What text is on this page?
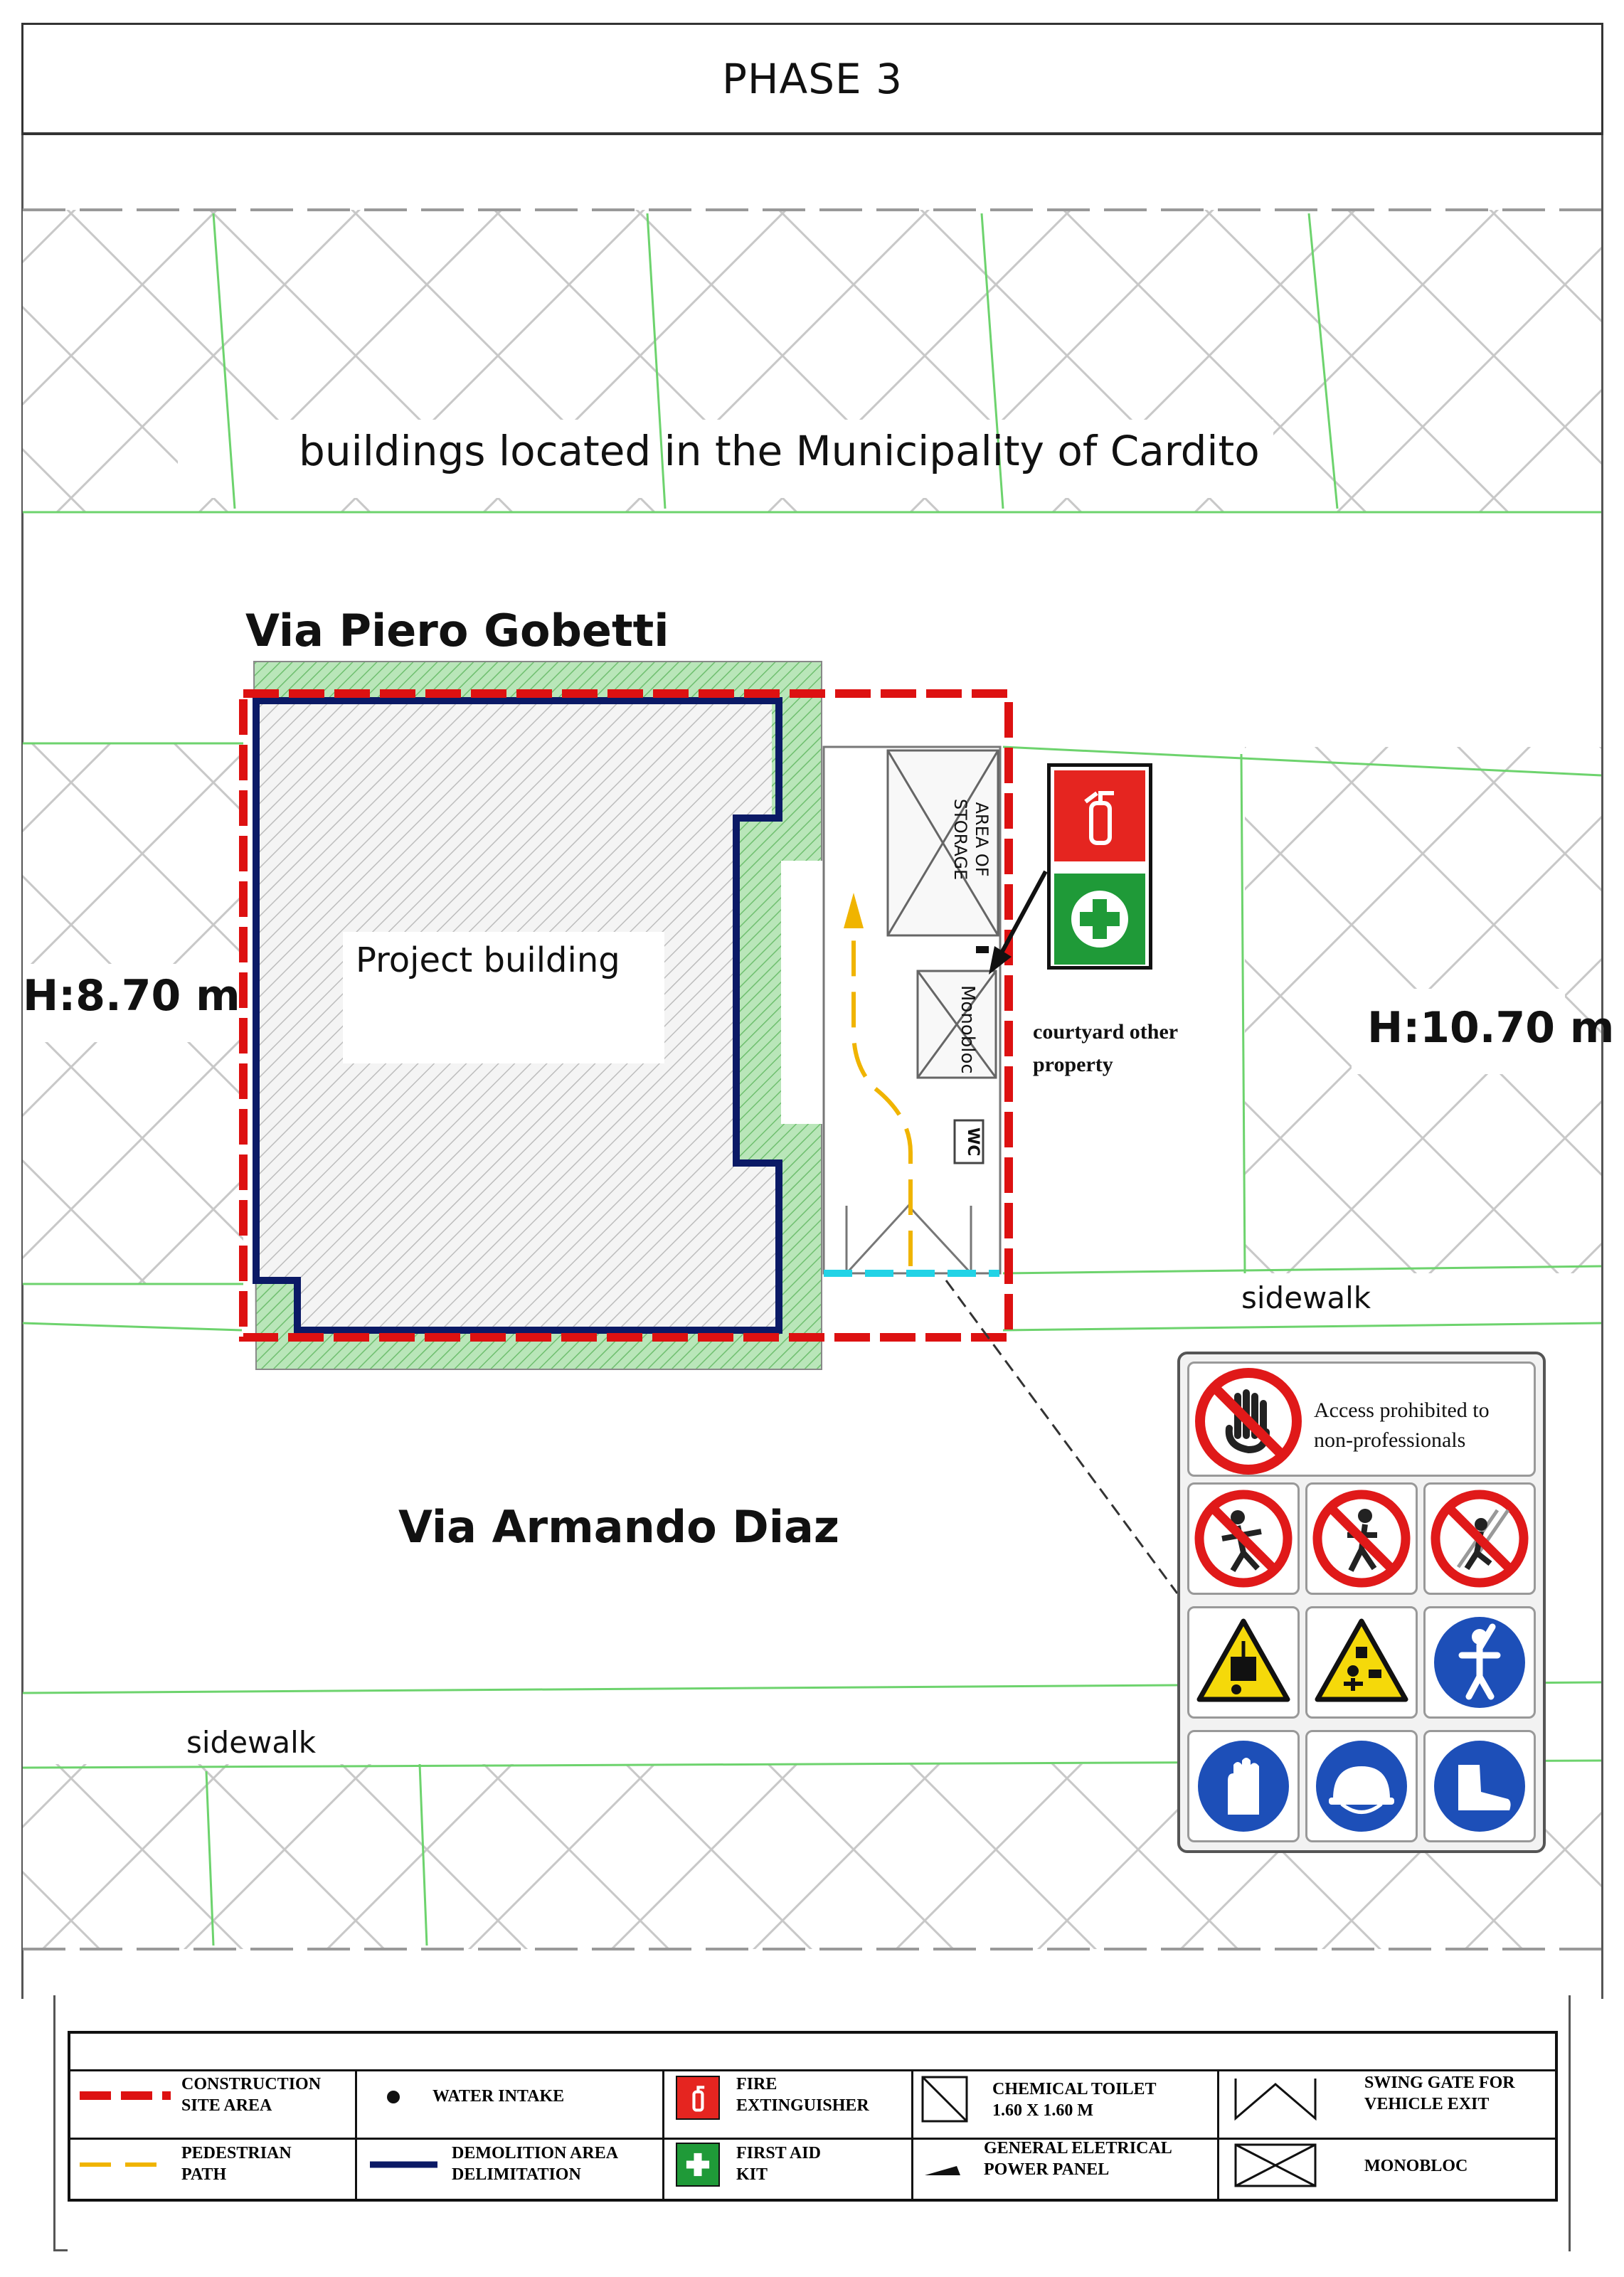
PHASE 3
buildings located in the Municipality of Cardito
Via Piero Gobetti
Via Armando Diaz
Project building
H:8.70 m
H:10.70 m
courtyard other
property
sidewalk
sidewalk
AREA OF
STORAGE
Monobloc
WC
Access prohibited to
non-professionals
CONSTRUCTION
SITE AREA	WATER INTAKE
FIRE
EXTINGUISHER
CHEMICAL TOILET
1.60 X 1.60 M
SWING GATE FOR
VEHICLE EXIT
PEDESTRIAN
PATH
DEMOLITION AREA
DELIMITATION
FIRST AID
KIT
GENERAL ELETRICAL
POWER PANEL	MONOBLOC
